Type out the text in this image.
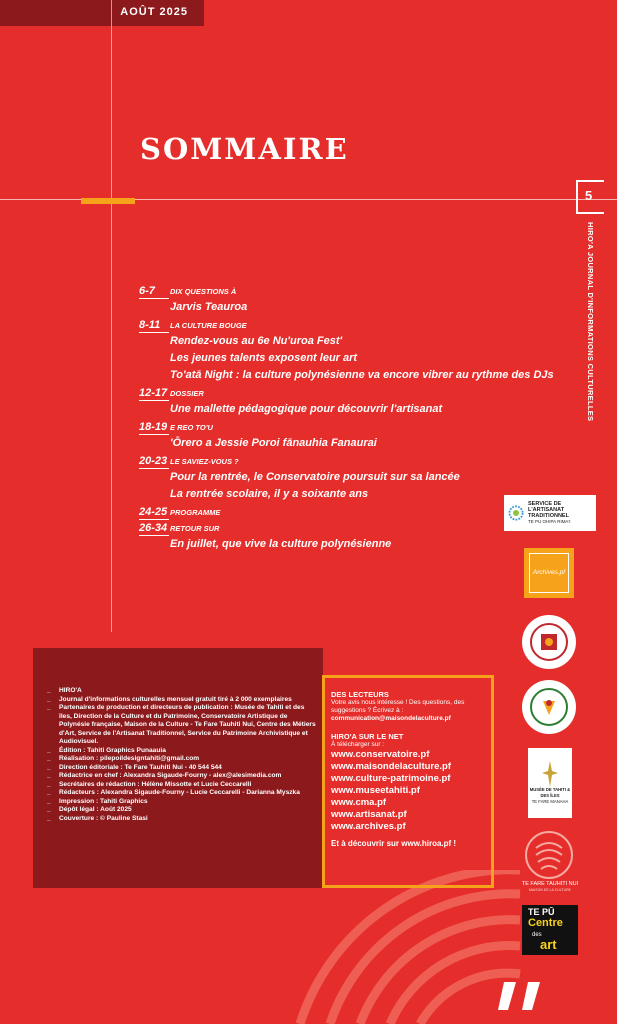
AOÛT 2025
SOMMAIRE
5
HIRO'A JOURNAL D'INFORMATIONS CULTURELLES
6-7 DIX QUESTIONS À
Jarvis Teauroa
8-11 LA CULTURE BOUGE
Rendez-vous au 6e Nu'uroa Fest'
Les jeunes talents exposent leur art
To'atā Night : la culture polynésienne va encore vibrer au rythme des DJs
12-17 DOSSIER
Une mallette pédagogique pour découvrir l'artisanat
18-19 E REO TO'U
'Ōrero a Jessie Poroi fānauhia Fanaurai
20-23 LE SAVIEZ-VOUS ?
Pour la rentrée, le Conservatoire poursuit sur sa lancée
La rentrée scolaire, il y a soixante ans
24-25 PROGRAMME
26-34 RETOUR SUR
En juillet, que vive la culture polynésienne
_ HIRO'A
_ Journal d'informations culturelles mensuel gratuit tiré à 2 000 exemplaires
_ Partenaires de production et directeurs de publication : Musée de Tahiti et des îles, Direction de la Culture et du Patrimoine, Conservatoire Artistique de Polynésie française, Maison de la Culture - Te Fare Tauhiti Nui, Centre des Métiers d'Art, Service de l'Artisanat Traditionnel, Service du Patrimoine Archivistique et Audiovisuel.
_ Édition : Tahiti Graphics Punaauia
_ Réalisation : pilepoildesigntahiti@gmail.com
_ Direction éditoriale : Te Fare Tauhiti Nui - 40 544 544
_ Rédactrice en chef : Alexandra Sigaude-Fourny - alex@alesimedia.com
_ Secrétaires de rédaction : Hélène Missotte et Lucie Ceccarelli
_ Rédacteurs : Alexandra Sigaude-Fourny - Lucie Ceccarelli - Darianna Myszka
_ Impression : Tahiti Graphics
_ Dépôt légal : Août 2025
_ Couverture : © Pauline Stasi
DES LECTEURS
Votre avis nous intéresse ! Des questions, des suggestions ? Écrivez à :
communication@maisondelaculture.pf
HIRO'A SUR LE NET
À télécharger sur :
www.conservatoire.pf
www.maisondelaculture.pf
www.culture-patrimoine.pf
www.museetahiti.pf
www.cma.pf
www.artisanat.pf
www.archives.pf
Et à découvrir sur www.hiroa.pf !
SERVICE DE L'ARTISANAT TRADITIONNEL
TE PU OHIPA RIMA'I
Archives.pf
MUSÉE DE TAHITI & DES ÎLES
TE FARE MANAHA
TE FARE TAUHITI NUI
MAISON DE LA CULTURE
TE PŪ
Centre
des
art
